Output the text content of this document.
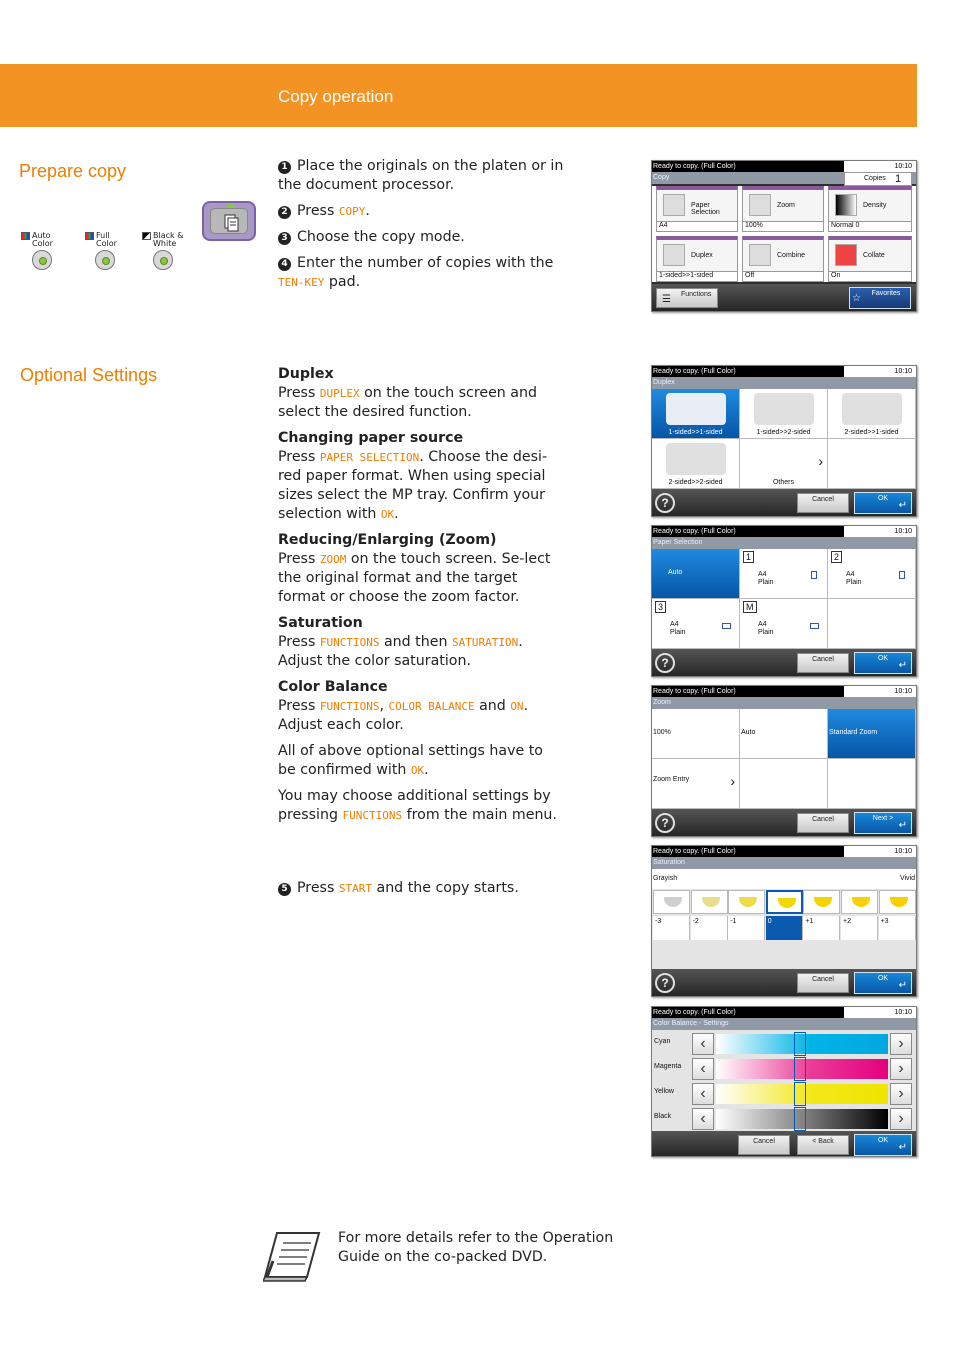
Copy operation
Prepare copy
Auto
Color
Full
Color
Black &
White
1 Place the originals on the platen or in the document processor.
2 Press COPY.
3 Choose the copy mode.
4 Enter the number of copies with the TEN-KEY pad.
Optional Settings	Duplex
Press DUPLEX on the touch screen and select the desired function.
Changing paper source
Press PAPER SELECTION. Choose the desi-red paper format. When using special sizes select the MP tray. Confirm your selection with OK.
Reducing/Enlarging (Zoom)
Press ZOOM on the touch screen. Se-lect the original format and the target format or choose the zoom factor.
Saturation
Press FUNCTIONS and then SATURATION. Adjust the color saturation.
Color Balance
Press FUNCTIONS, COLOR BALANCE and ON. Adjust each color.
All of above optional settings have to be confirmed with OK.
You may choose additional settings by pressing FUNCTIONS from the main menu.
5 Press START and the copy starts.
Ready to copy. (Full Color)	10:10
Copy	Copies 1
Paper Selection
A4
Zoom
100%
Density
Normal 0
Duplex
1-sided>>1-sided
Combine
Off
Collate
On
☰ Functions	☆ Favorites
Ready to copy. (Full Color)	10:10
Duplex
1-sided>>1-sided	1-sided>>2-sided	2-sided>>1-sided
2-sided>>2-sided
›
Others
?	Cancel	OK
↵
Ready to copy. (Full Color)	10:10
Paper Selection
Auto
1
A4
Plain
2
A4
Plain
3
A4
Plain
M
A4
Plain
?	Cancel	OK
↵
Ready to copy. (Full Color)	10:10
Zoom
100%	Auto	Standard Zoom
Zoom Entry	›
?	Cancel	Next >
↵
Ready to copy. (Full Color)	10:10
Saturation
Grayish	Vivid
-3	-2	-1	0	+1	+2	+3
?	Cancel	OK
↵
Ready to copy. (Full Color)	10:10
Color Balance - Settings
Cyan	‹	›
Magenta	‹	›
Yellow	‹	›
Black	‹	›
Cancel	< Back	OK
↵
For more details refer to the Operation Guide on the co-packed DVD.
